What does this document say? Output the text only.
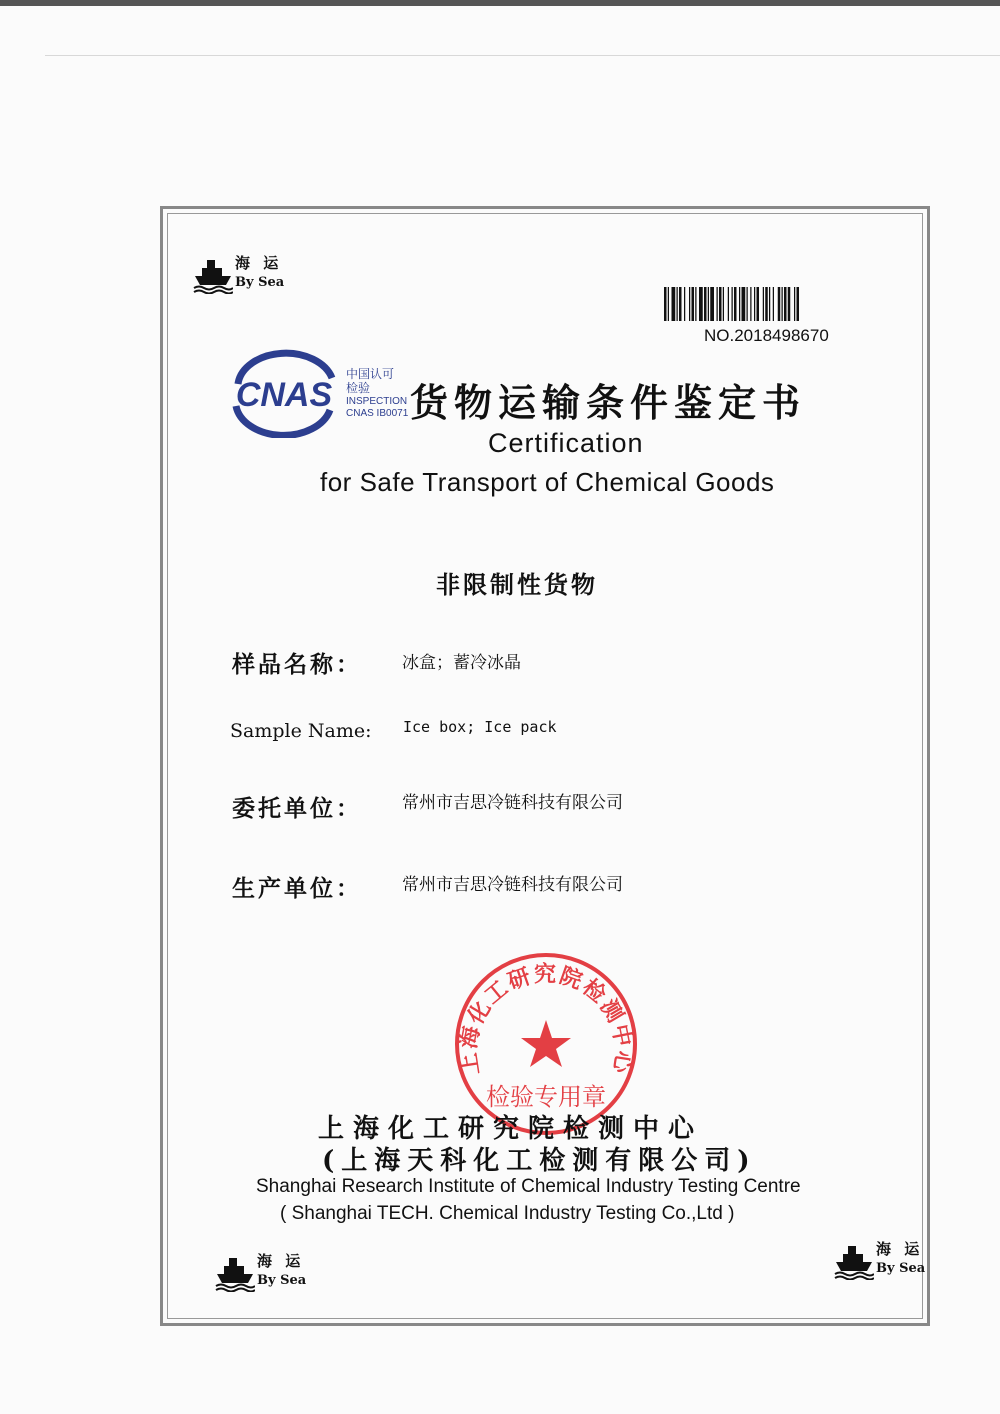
海 运
By Sea
海 运
By Sea
海 运
By Sea
NO.2018498670
CNAS
中国认可
检验
INSPECTION
CNAS IB0071 货物运输条件鉴定书
Certification
for Safe Transport of Chemical Goods
非限制性货物
样品名称： 冰盒；蓄冷冰晶
Sample Name: Ice box; Ice pack
委托单位： 常州市吉思冷链科技有限公司
生产单位： 常州市吉思冷链科技有限公司
上海化工研究院检测中心
检验专用章
上海化工研究院检测中心
(上海天科化工检测有限公司)
Shanghai Research Institute of Chemical Industry Testing Centre
( Shanghai TECH. Chemical Industry Testing Co.,Ltd )
